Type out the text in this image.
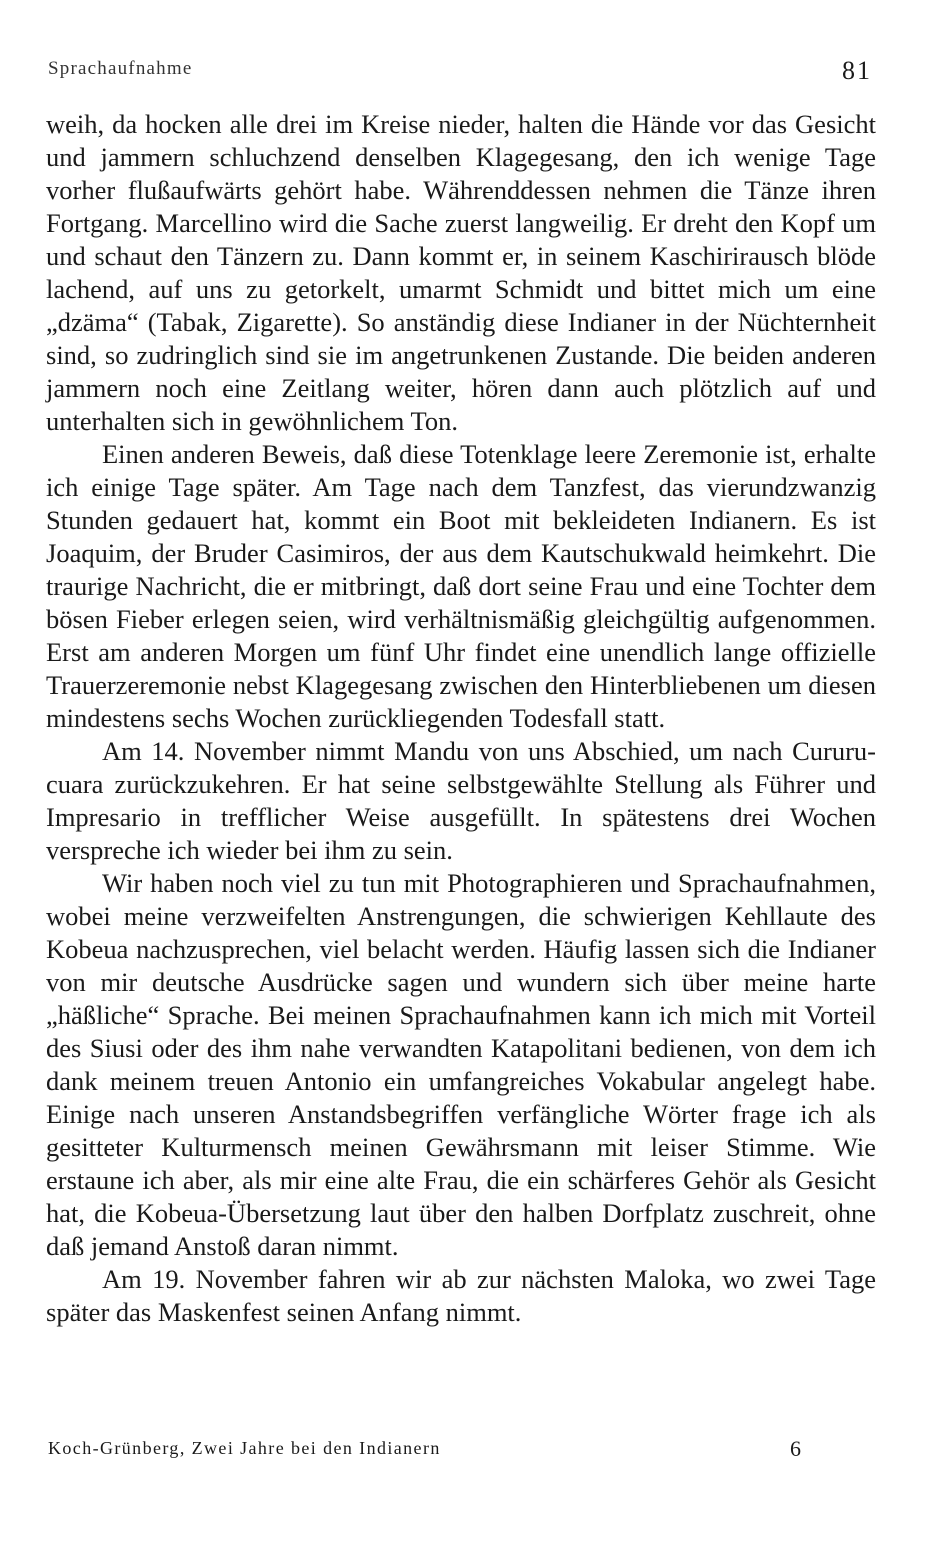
Sprachaufnahme	81

weih, da hocken alle drei im Kreise nieder, halten die Hände vor das Gesicht und jammern schluchzend denselben Klagegesang, den ich wenige Tage vorher flußaufwärts gehört habe. Währenddessen nehmen die Tänze ihren Fortgang. Marcellino wird die Sache zuerst langweilig. Er dreht den Kopf um und schaut den Tänzern zu. Dann kommt er, in seinem Kaschirirausch blöde lachend, auf uns zu getorkelt, umarmt Schmidt und bittet mich um eine „dzäma“ (Tabak, Zigarette). So anständig diese Indianer in der Nüchternheit sind, so zudringlich sind sie im angetrunkenen Zustande. Die beiden anderen jammern noch eine Zeitlang weiter, hören dann auch plötzlich auf und unterhalten sich in gewöhnlichem Ton.

Einen anderen Beweis, daß diese Totenklage leere Zeremonie ist, erhalte ich einige Tage später. Am Tage nach dem Tanzfest, das vierundzwanzig Stunden gedauert hat, kommt ein Boot mit bekleideten Indianern. Es ist Joaquim, der Bruder Casimiros, der aus dem Kautschukwald heimkehrt. Die traurige Nachricht, die er mitbringt, daß dort seine Frau und eine Tochter dem bösen Fieber erlegen seien, wird verhältnismäßig gleichgültig aufgenommen. Erst am anderen Morgen um fünf Uhr findet eine unendlich lange offizielle Trauerzeremonie nebst Klagegesang zwischen den Hinterbliebenen um diesen mindestens sechs Wochen zurückliegenden Todesfall statt.

Am 14. November nimmt Mandu von uns Abschied, um nach Cururu-cuara zurückzukehren. Er hat seine selbstgewählte Stellung als Führer und Impresario in trefflicher Weise ausgefüllt. In spätestens drei Wochen verspreche ich wieder bei ihm zu sein.

Wir haben noch viel zu tun mit Photographieren und Sprachaufnahmen, wobei meine verzweifelten Anstrengungen, die schwierigen Kehllaute des Kobeua nachzusprechen, viel belacht werden. Häufig lassen sich die Indianer von mir deutsche Ausdrücke sagen und wundern sich über meine harte „häßliche“ Sprache. Bei meinen Sprachaufnahmen kann ich mich mit Vorteil des Siusi oder des ihm nahe verwandten Katapolitani bedienen, von dem ich dank meinem treuen Antonio ein umfangreiches Vokabular angelegt habe. Einige nach unseren Anstandsbegriffen verfängliche Wörter frage ich als gesitteter Kulturmensch meinen Gewährsmann mit leiser Stimme. Wie erstaune ich aber, als mir eine alte Frau, die ein schärferes Gehör als Gesicht hat, die Kobeua-Übersetzung laut über den halben Dorfplatz zuschreit, ohne daß jemand Anstoß daran nimmt.

Am 19. November fahren wir ab zur nächsten Maloka, wo zwei Tage später das Maskenfest seinen Anfang nimmt.

Koch-Grünberg, Zwei Jahre bei den Indianern	6
